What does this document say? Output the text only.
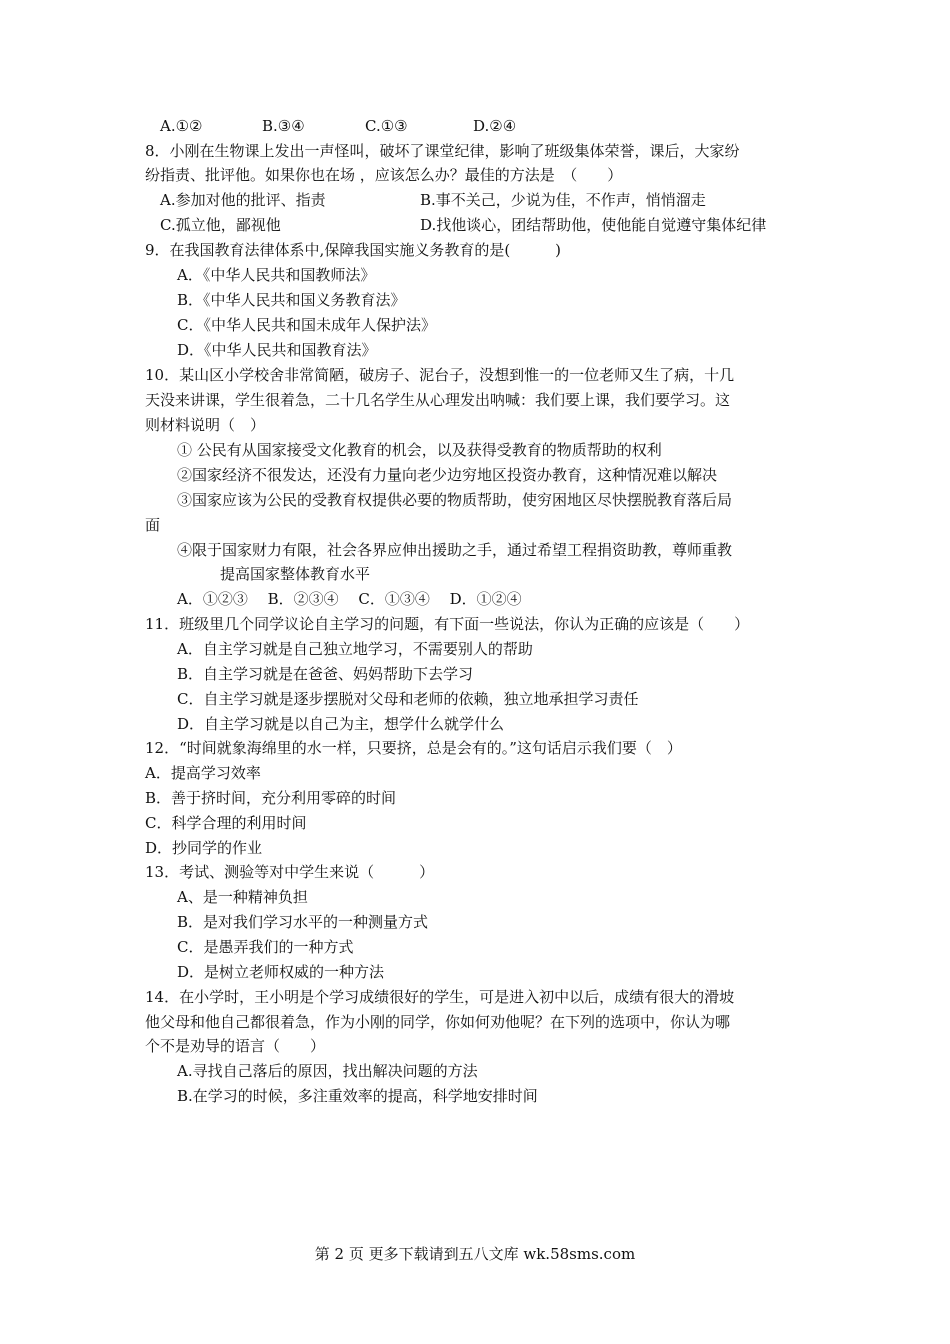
A.①②	B.③④	C.①③	D.②④
8．小刚在生物课上发出一声怪叫，破坏了课堂纪律，影响了班级集体荣誉，课后，大家纷
纷指责、批评他。如果你也在场 ，应该怎么办？最佳的方法是　（　　）
A.参加对他的批评、指责	B.事不关己，少说为佳，不作声，悄悄溜走
C.孤立他，鄙视他	D.找他谈心，团结帮助他，使他能自觉遵守集体纪律
9．在我国教育法律体系中,保障我国实施义务教育的是(　　　)
A．《中华人民共和国教师法》
B．《中华人民共和国义务教育法》
C．《中华人民共和国未成年人保护法》
D．《中华人民共和国教育法》
10．某山区小学校舍非常简陋，破房子、泥台子，没想到惟一的一位老师又生了病，十几
天没来讲课，学生很着急，二十几名学生从心理发出呐喊：我们要上课，我们要学习。这
则材料说明（　）
① 公民有从国家接受文化教育的机会，以及获得受教育的物质帮助的权利
②国家经济不很发达，还没有力量向老少边穷地区投资办教育，这种情况难以解决
③国家应该为公民的受教育权提供必要的物质帮助，使穷困地区尽快摆脱教育落后局
面
④限于国家财力有限，社会各界应伸出援助之手，通过希望工程捐资助教，尊师重教
提高国家整体教育水平
A．①②③　 B．②③④　 C．①③④　 D．①②④
11．班级里几个同学议论自主学习的问题，有下面一些说法，你认为正确的应该是（　　）
A．自主学习就是自己独立地学习，不需要别人的帮助
B．自主学习就是在爸爸、妈妈帮助下去学习
C．自主学习就是逐步摆脱对父母和老师的依赖，独立地承担学习责任
D．自主学习就是以自己为主，想学什么就学什么
12．“时间就象海绵里的水一样，只要挤，总是会有的。”这句话启示我们要（　）
A．提高学习效率
B．善于挤时间，充分利用零碎的时间
C．科学合理的利用时间
D．抄同学的作业
13．考试、测验等对中学生来说（　　　）
A、是一种精神负担
B．是对我们学习水平的一种测量方式
C．是愚弄我们的一种方式
D．是树立老师权威的一种方法
14．在小学时，王小明是个学习成绩很好的学生，可是进入初中以后，成绩有很大的滑坡
他父母和他自己都很着急，作为小刚的同学，你如何劝他呢？在下列的选项中，你认为哪
个不是劝导的语言（　　）
A.寻找自己落后的原因，找出解决问题的方法
B.在学习的时候，多注重效率的提高，科学地安排时间
第 2 页 更多下载请到五八文库 wk.58sms.com
